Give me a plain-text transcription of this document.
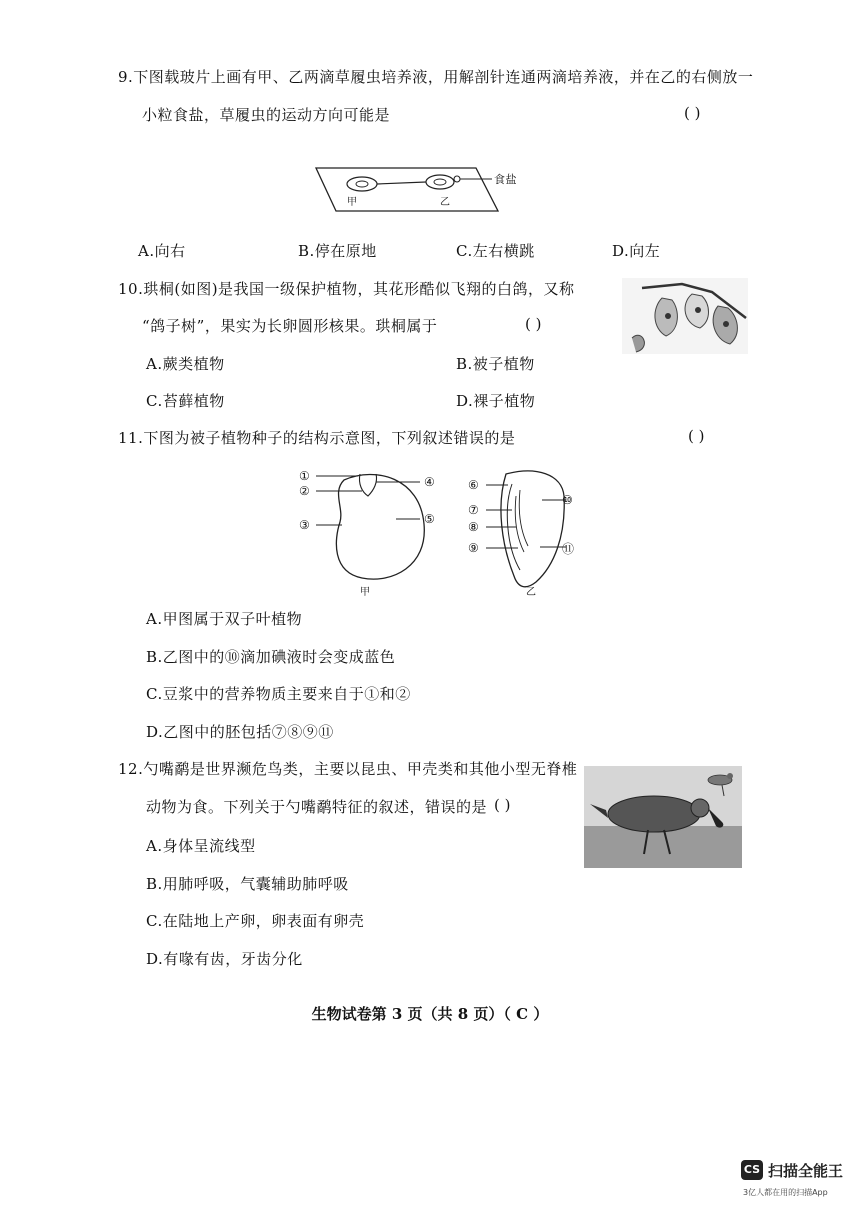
9.下图载玻片上画有甲、乙两滴草履虫培养液，用解剖针连通两滴培养液，并在乙的右侧放一
小粒食盐，草履虫的运动方向可能是	( )
甲	乙
食盐
A.向右	B.停在原地	C.左右横跳	D.向左
10.珙桐(如图)是我国一级保护植物，其花形酷似飞翔的白鸽，又称
“鸽子树”，果实为长卵圆形核果。珙桐属于	( )
A.蕨类植物	B.被子植物
C.苔藓植物	D.裸子植物
11.下图为被子植物种子的结构示意图，下列叙述错误的是	( )
①
②
③
④
⑤
甲
⑥
⑦
⑧
⑨
⑩
⑪
乙
A.甲图属于双子叶植物
B.乙图中的⑩滴加碘液时会变成蓝色
C.豆浆中的营养物质主要来自于①和②
D.乙图中的胚包括⑦⑧⑨⑪
12.勺嘴鹬是世界濒危鸟类，主要以昆虫、甲壳类和其他小型无脊椎
动物为食。下列关于勺嘴鹬特征的叙述，错误的是 ( )
A.身体呈流线型
B.用肺呼吸，气囊辅助肺呼吸
C.在陆地上产卵，卵表面有卵壳
D.有喙有齿，牙齿分化
生物试卷第 3 页（共 8 页）（ C ）
CS 扫描全能王
3亿人都在用的扫描App
